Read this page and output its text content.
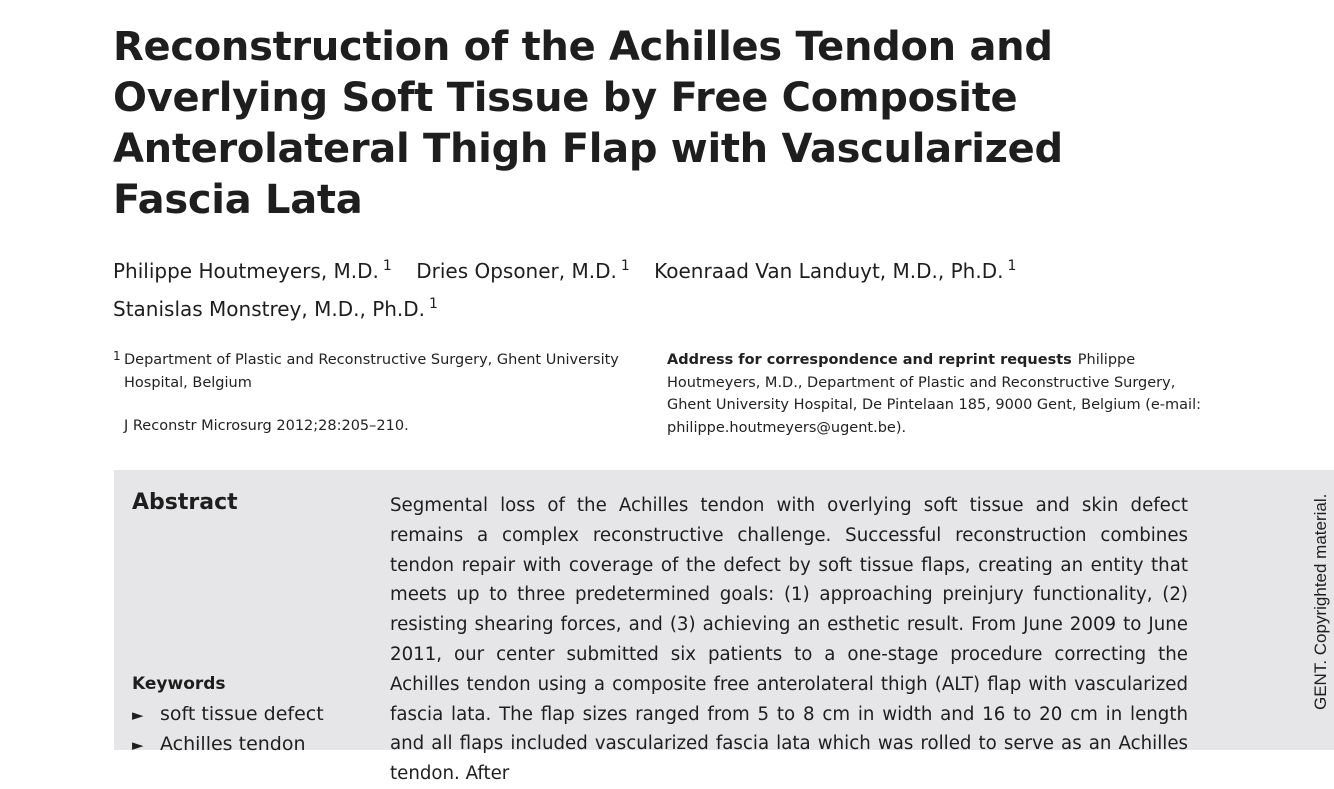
Reconstruction of the Achilles Tendon and Overlying Soft Tissue by Free Composite Anterolateral Thigh Flap with Vascularized Fascia Lata
Philippe Houtmeyers, M.D. $^1$ Dries Opsoner, M.D. $^1$ Koenraad Van Landuyt, M.D., Ph.D. $^1$
Stanislas Monstrey, M.D., Ph.D. $^1$
1 Department of Plastic and Reconstructive Surgery, Ghent University Hospital, Belgium
J Reconstr Microsurg 2012;28:205–210.
Address for correspondence and reprint requests Philippe Houtmeyers, M.D., Department of Plastic and Reconstructive Surgery, Ghent University Hospital, De Pintelaan 185, 9000 Gent, Belgium (e-mail: philippe.houtmeyers@ugent.be).
Abstract	Segmental loss of the Achilles tendon with overlying soft tissue and skin defect remains a complex reconstructive challenge. Successful reconstruction combines tendon repair with coverage of the defect by soft tissue flaps, creating an entity that meets up to three predetermined goals: (1) approaching preinjury functionality, (2) resisting shearing forces, and (3) achieving an esthetic result. From June 2009 to June 2011, our center submitted six patients to a one-stage procedure correcting the Achilles tendon using a composite free anterolateral thigh (ALT) flap with vascularized fascia lata. The flap sizes ranged from 5 to 8 cm in width and 16 to 20 cm in length and all flaps included vascularized fascia lata which was rolled to serve as an Achilles tendon. After

Keywords
► soft tissue defect
► Achilles tendon
GENT. Copyrighted material.
